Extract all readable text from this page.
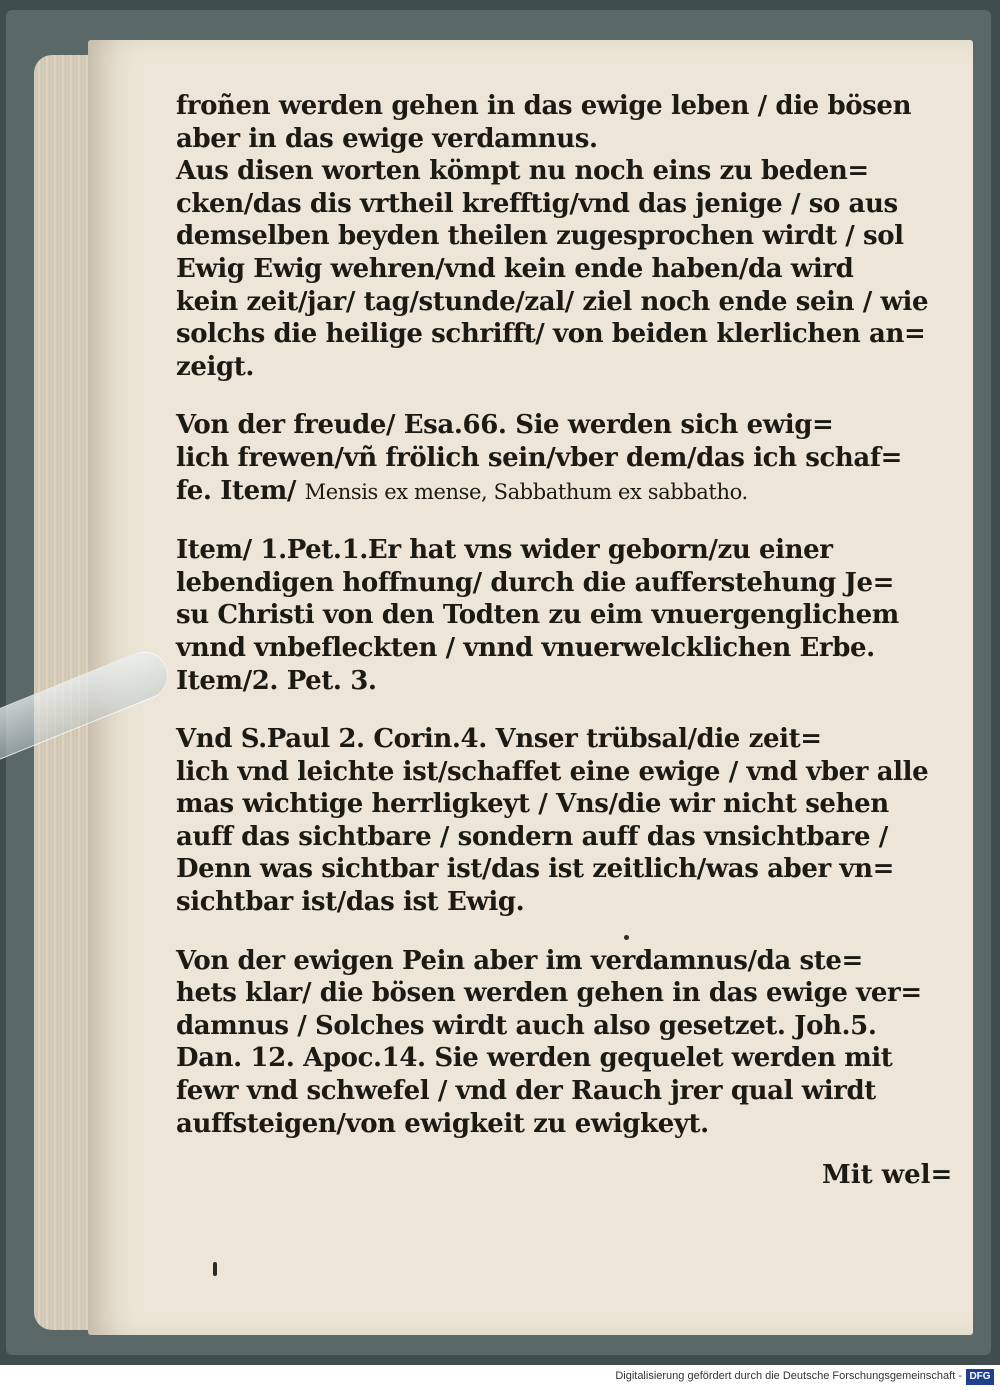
froñen werden gehen in das ewige leben / die bösen
aber in das ewige verdamnus.
Aus disen worten kömpt nu noch eins zu beden=
cken/das dis vrtheil krefftig/vnd das jenige / so aus
demselben beyden theilen zugesprochen wirdt / sol
Ewig Ewig wehren/vnd kein ende haben/da wird
kein zeit/jar/ tag/stunde/zal/ ziel noch ende sein / wie
solchs die heilige schrifft/ von beiden klerlichen an=
zeigt.
Von der freude/ Esa.66. Sie werden sich ewig=
lich frewen/vñ frölich sein/vber dem/das ich schaf=
fe. Item/ Mensis ex mense, Sabbathum ex sabbatho.
Item/ 1.Pet.1.Er hat vns wider geborn/zu einer
lebendigen hoffnung/ durch die aufferstehung Je=
su Christi von den Todten zu eim vnuergenglichem
vnnd vnbefleckten / vnnd vnuerwelcklichen Erbe.
Item/2. Pet. 3.
Vnd S.Paul 2. Corin.4. Vnser trübsal/die zeit=
lich vnd leichte ist/schaffet eine ewige / vnd vber alle
mas wichtige herrligkeyt / Vns/die wir nicht sehen
auff das sichtbare / sondern auff das vnsichtbare /
Denn was sichtbar ist/das ist zeitlich/was aber vn=
sichtbar ist/das ist Ewig.
Von der ewigen Pein aber im verdamnus/da ste=
hets klar/ die bösen werden gehen in das ewige ver=
damnus / Solches wirdt auch also gesetzet. Joh.5.
Dan. 12. Apoc.14. Sie werden gequelet werden mit
fewr vnd schwefel / vnd der Rauch jrer qual wirdt
auffsteigen/von ewigkeit zu ewigkeyt.
Mit wel=
Digitalisierung gefördert durch die Deutsche Forschungsgemeinschaft - DFG
